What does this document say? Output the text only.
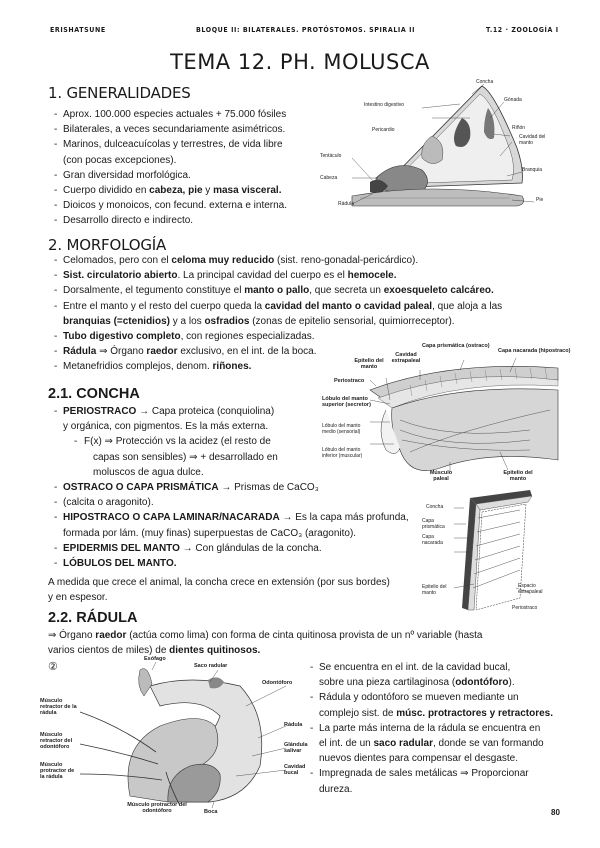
ERISHATSUNE	BLOQUE II: BILATERALES. PROTÓSTOMOS. SPIRALIA II	T.12 · ZOOLOGÍA I
TEMA 12. PH. MOLUSCA
1. GENERALIDADES
- Aprox. 100.000 especies actuales + 75.000 fósiles
- Bilaterales, a veces secundariamente asimétricos.
- Marinos, dulceacuícolas y terrestres, de vida libre
(con pocas excepciones).
- Gran diversidad morfológica.
- Cuerpo dividido en cabeza, pie y masa visceral.
- Dioicos y monoicos, con fecund. externa e interna.
- Desarrollo directo e indirecto.
Concha
Intestino digestivo
Gónada
Pericardio	Riñón
Cavidad del manto
Branquia
Tentáculo
Cabeza
Rádula
Pie
2. MORFOLOGÍA
- Celomados, pero con el celoma muy reducido (sist. reno-gonadal-pericárdico).
- Sist. circulatorio abierto. La principal cavidad del cuerpo es el hemocele.
- Dorsalmente, el tegumento constituye el manto o pallo, que secreta un exoesqueleto calcáreo.
- Entre el manto y el resto del cuerpo queda la cavidad del manto o cavidad paleal, que aloja a las
branquias (=ctenidios) y a los osfradios (zonas de epitelio sensorial, quimiorreceptor).
- Tubo digestivo completo, con regiones especializadas.
- Rádula ⇒ Órgano raedor exclusivo, en el int. de la boca.
- Metanefridios complejos, denom. riñones.
2.1. CONCHA
- PERIOSTRACO → Capa proteica (conquiolina)
y orgánica, con pigmentos. Es la más externa.
- F(x) ⇒ Protección vs la acidez (el resto de
capas son sensibles) ⇒ + desarrollado en
moluscos de agua dulce.
- OSTRACO O CAPA PRISMÁTICA → Prismas de CaCO₃
- (calcita o aragonito).
- HIPOSTRACO O CAPA LAMINAR/NACARADA → Es la capa más profunda,
formada por lám. (muy finas) superpuestas de CaCO₃ (aragonito).
- EPIDERMIS DEL MANTO → Con glándulas de la concha.
- LÓBULOS DEL MANTO.
A medida que crece el animal, la concha crece en extensión (por sus bordes)
y en espesor.
Capa prismática (ostraco)
Capa nacarada (hipostraco)
Cavidad extrapaleal
Epitelio del manto
Periostraco
Lóbulo del manto superior (secretor)
Lóbulo del manto medio (sensorial)
Lóbulo del manto inferior (muscular)
Músculo paleal
Epitelio del manto
Concha
Capa prismática
Capa nacarada
Epitelio del manto
Espacio extrapaleal
Periostraco
2.2. RÁDULA
⇒ Órgano raedor (actúa como lima) con forma de cinta quitinosa provista de un nº variable (hasta
varios cientos de miles) de dientes quitinosos.
②
-	Se encuentra en el int. de la cavidad bucal,
sobre una pieza cartilaginosa (odontóforo).
- Rádula y odontóforo se mueven mediante un
complejo sist. de músc. protractores y retractores.
- La parte más interna de la rádula se encuentra en
el int. de un saco radular, donde se van formando
nuevos dientes para compensar el desgaste.
- Impregnada de sales metálicas ⇒ Proporcionar
dureza.
Esófago
Saco radular
Odontóforo
Rádula
Glándula salivar
Cavidad bucal
Boca
Músculo retractor de la rádula
Músculo retractor del odontóforo
Músculo protractor de la rádula
Músculo protractor del odontóforo	80
